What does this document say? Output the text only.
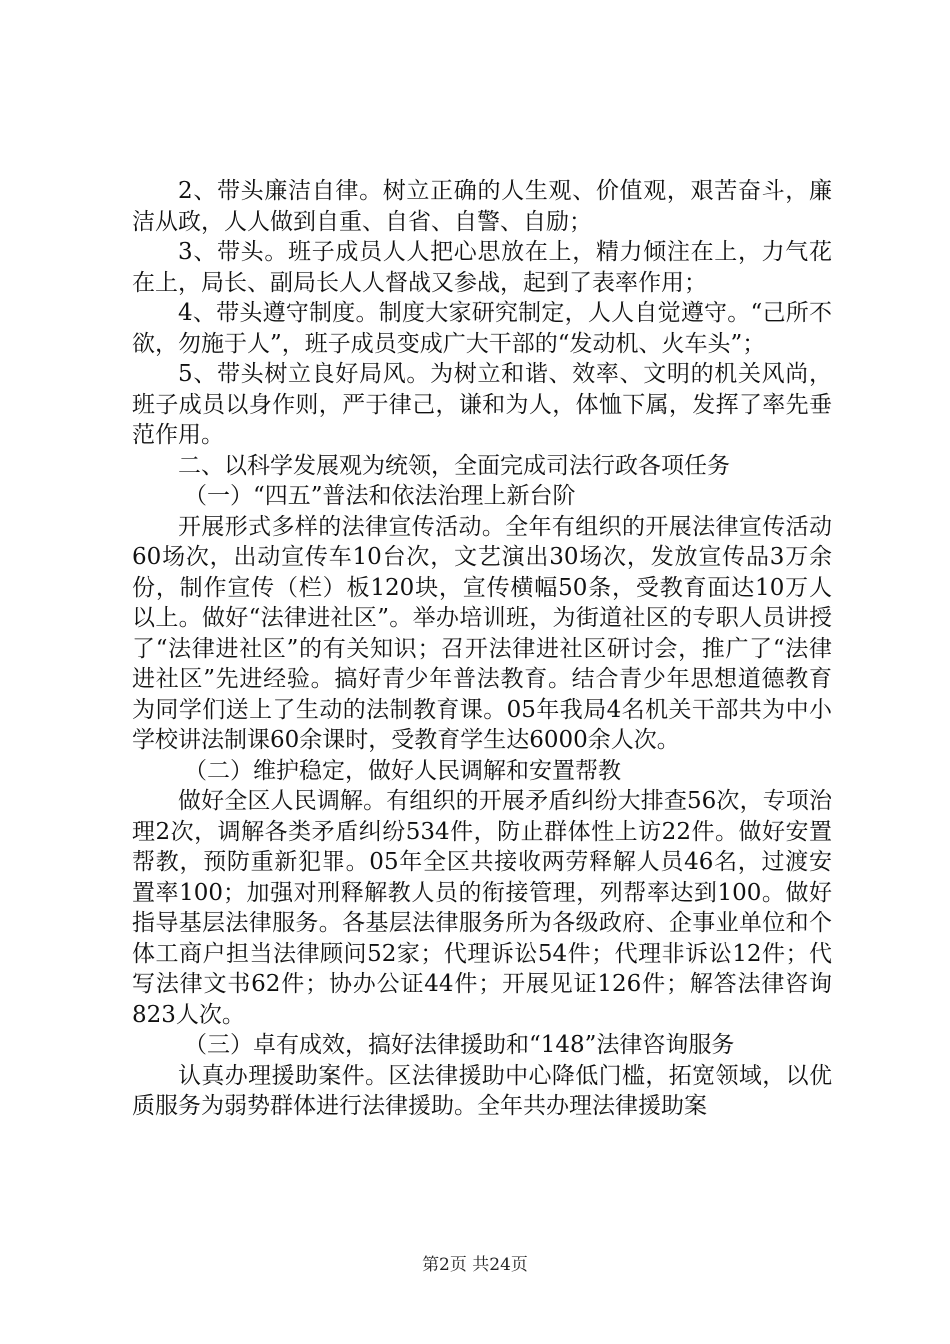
2、带头廉洁自律。树立正确的人生观、价值观，艰苦奋斗，廉洁从政，人人做到自重、自省、自警、自励；

3、带头。班子成员人人把心思放在上，精力倾注在上，力气花在上，局长、副局长人人督战又参战，起到了表率作用；

4、带头遵守制度。制度大家研究制定，人人自觉遵守。“己所不欲，勿施于人”，班子成员变成广大干部的“发动机、火车头”；

5、带头树立良好局风。为树立和谐、效率、文明的机关风尚，班子成员以身作则，严于律己，谦和为人，体恤下属，发挥了率先垂范作用。

二、以科学发展观为统领，全面完成司法行政各项任务

（一）“四五”普法和依法治理上新台阶

开展形式多样的法律宣传活动。全年有组织的开展法律宣传活动60场次，出动宣传车10台次，文艺演出30场次，发放宣传品3万余份，制作宣传（栏）板120块，宣传横幅50条，受教育面达10万人以上。做好“法律进社区”。举办培训班，为街道社区的专职人员讲授了“法律进社区”的有关知识；召开法律进社区研讨会，推广了“法律进社区”先进经验。搞好青少年普法教育。结合青少年思想道德教育为同学们送上了生动的法制教育课。05年我局4名机关干部共为中小学校讲法制课60余课时，受教育学生达6000余人次。

（二）维护稳定，做好人民调解和安置帮教

做好全区人民调解。有组织的开展矛盾纠纷大排查56次，专项治理2次，调解各类矛盾纠纷534件，防止群体性上访22件。做好安置帮教，预防重新犯罪。05年全区共接收两劳释解人员46名，过渡安置率100；加强对刑释解教人员的衔接管理，列帮率达到100。做好指导基层法律服务。各基层法律服务所为各级政府、企事业单位和个体工商户担当法律顾问52家；代理诉讼54件；代理非诉讼12件；代写法律文书62件；协办公证44件；开展见证126件；解答法律咨询823人次。

（三）卓有成效，搞好法律援助和“148”法律咨询服务

认真办理援助案件。区法律援助中心降低门槛，拓宽领域，以优质服务为弱势群体进行法律援助。全年共办理法律援助案

第2页 共24页
